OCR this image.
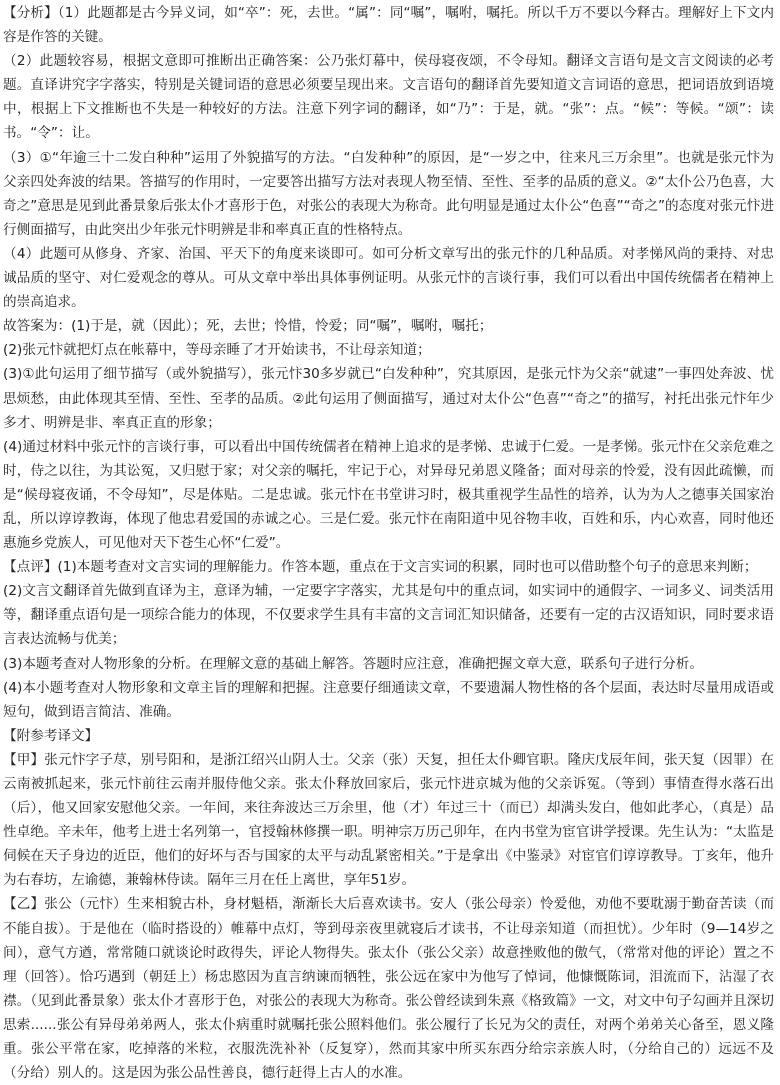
【分析】（1）此题都是古今异义词，如“卒”：死，去世。“属”：同“嘱”，嘱咐，嘱托。所以千万不要以今释古。理解好上下文内容是作答的关键。

（2）此题较容易，根据文意即可推断出正确答案：公乃张灯幕中，侯母寝夜颂，不令母知。翻译文言语句是文言文阅读的必考题。直译讲究字字落实，特别是关键词语的意思必须要呈现出来。文言语句的翻译首先要知道文言词语的意思，把词语放到语境中，根据上下文推断也不失是一种较好的方法。注意下列字词的翻译，如“乃”：于是，就。“张”：点。“候”：等候。“颂”：读书。“令”：让。

（3）①“年逾三十二发白种种”运用了外貌描写的方法。“白发种种”的原因，是“一岁之中，往来凡三万余里”。也就是张元忭为父亲四处奔波的结果。答描写的作用时，一定要答出描写方法对表现人物至情、至性、至孝的品质的意义。②“太仆公乃色喜，大奇之”意思是见到此番景象后张太仆才喜形于色，对张公的表现大为称奇。此句明显是通过太仆公“色喜”“奇之”的态度对张元忭进行侧面描写，由此突出少年张元忭明辨是非和率真正直的性格特点。

（4）此题可从修身、齐家、治国、平天下的角度来谈即可。如可分析文章写出的张元忭的几种品质。对孝悌风尚的秉持、对忠诚品质的坚守、对仁爱观念的尊从。可从文章中举出具体事例证明。从张元忭的言谈行事，我们可以看出中国传统儒者在精神上的崇高追求。

故答案为：(1)于是，就（因此）；死，去世；怜惜，怜爱；同“嘱”，嘱咐，嘱托；

(2)张元忭就把灯点在帐幕中，等母亲睡了才开始读书，不让母亲知道；

(3)①此句运用了细节描写（或外貌描写），张元忭30多岁就已“白发种种”，究其原因，是张元忭为父亲“就逮”一事四处奔波、忧思烦愁，由此体现其至情、至性、至孝的品质。②此句运用了侧面描写，通过对太仆公“色喜”“奇之”的描写，衬托出张元忭年少多才、明辨是非、率真正直的形象；

(4)通过材料中张元忭的言谈行事，可以看出中国传统儒者在精神上追求的是孝悌、忠诚于仁爱。一是孝悌。张元忭在父亲危难之时，侍之以往，为其讼冤，又归慰于家；对父亲的嘱托，牢记于心，对异母兄弟恩义隆备；面对母亲的怜爱，没有因此疏懒，而是“候母寝夜诵，不令母知”，尽是体贴。二是忠诚。张元忭在书堂讲习时，极其重视学生品性的培养，认为为人之德事关国家治乱，所以谆谆教诲，体现了他忠君爱国的赤诚之心。三是仁爱。张元忭在南阳道中见谷物丰收，百姓和乐，内心欢喜，同时他还惠施乡党族人，可见他对天下苍生心怀“仁爱”。

【点评】(1)本题考查对文言实词的理解能力。作答本题，重点在于文言实词的积累，同时也可以借助整个句子的意思来判断；

(2)文言文翻译首先做到直译为主，意译为辅，一定要字字落实，尤其是句中的重点词，如实词中的通假字、一词多义、词类活用等，翻译重点语句是一项综合能力的体现，不仅要求学生具有丰富的文言词汇知识储备，还要有一定的古汉语知识，同时要求语言表达流畅与优美；

(3)本题考查对人物形象的分析。在理解文意的基础上解答。答题时应注意，准确把握文章大意，联系句子进行分析。

(4)本小题考查对人物形象和文章主旨的理解和把握。注意要仔细通读文章，不要遗漏人物性格的各个层面，表达时尽量用成语或短句，做到语言简洁、准确。

【附参考译文】

【甲】张元忭字子荩，别号阳和，是浙江绍兴山阴人士。父亲（张）天复，担任太仆卿官职。隆庆戊辰年间，张天复（因罪）在云南被抓起来，张元忭前往云南并服侍他父亲。张太仆释放回家后，张元忭进京城为他的父亲诉冤。（等到）事情查得水落石出（后），他又回家安慰他父亲。一年间，来往奔波达三万余里，他（才）年过三十（而已）却满头发白，他如此孝心，（真是）品性卓绝。辛未年，他考上进士名列第一，官授翰林修撰一职。明神宗万历己卯年，在内书堂为宦官讲学授课。先生认为：“太监是伺候在天子身边的近臣，他们的好坏与否与国家的太平与动乱紧密相关。”于是拿出《中鉴录》对宦官们谆谆教导。丁亥年，他升为右春坊，左谕德，兼翰林侍读。隔年三月在任上离世，享年51岁。

【乙】张公（元忭）生来相貌古朴，身材魁梧，渐渐长大后喜欢读书。安人（张公母亲）怜爱他，劝他不要耽溺于勤奋苦读（而不能自拔）。于是他在（临时搭设的）帷幕中点灯，等到母亲夜里就寝后才读书，不让母亲知道（而担忧）。少年时（9—14岁之间），意气方遒，常常随口就谈论时政得失，评论人物得失。张太仆（张公父亲）故意挫败他的傲气，（常常对他的评论）置之不理（回答）。恰巧遇到（朝廷上）杨忠愍因为直言纳谏而牺牲，张公远在家中为他写了悼词，他慷慨陈词，泪流而下，沾湿了衣襟。（见到此番景象）张太仆才喜形于色，对张公的表现大为称奇。张公曾经读到朱熹《格致篇》一文，对文中句子勾画并且深切思索......张公有异母弟弟两人，张太仆病重时就嘱托张公照料他们。张公履行了长兄为父的责任，对两个弟弟关心备至，恩义隆重。张公平常在家，吃掉落的米粒，衣服洗洗补补（反复穿），然而其家中所买东西分给宗亲族人时，（分给自己的）远远不及（分给）别人的。这是因为张公品性善良，德行赶得上古人的水准。
